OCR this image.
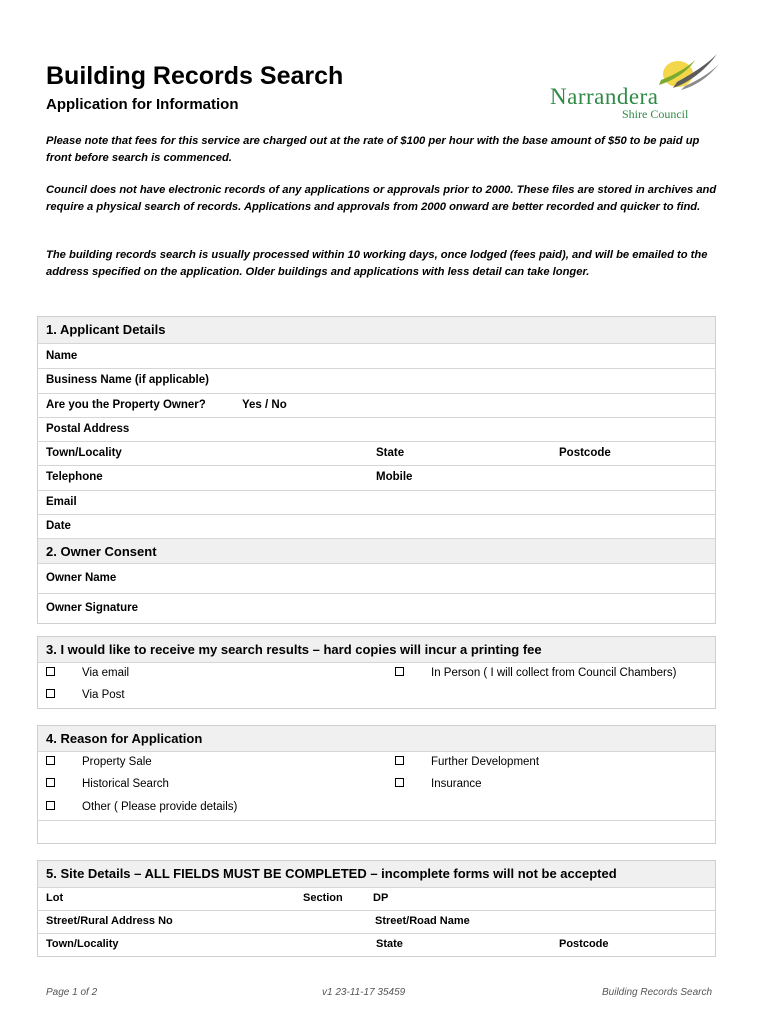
Building Records Search
Application for Information	Narrandera
Shire Council
Please note that fees for this service are charged out at the rate of $100 per hour with the base amount of $50 to be paid up front before search is commenced.
Council does not have electronic records of any applications or approvals prior to 2000. These files are stored in archives and require a physical search of records. Applications and approvals from 2000 onward are better recorded and quicker to find.
The building records search is usually processed within 10 working days, once lodged (fees paid), and will be emailed to the address specified on the application. Older buildings and applications with less detail can take longer.
1. Applicant Details
Name
Business Name (if applicable)
Are you the Property Owner?	Yes / No
Postal Address
Town/Locality	State	Postcode
Telephone	Mobile
Email
Date
2. Owner Consent
Owner Name
Owner Signature
3. I would like to receive my search results – hard copies will incur a printing fee
Via email	In Person ( I will collect from Council Chambers)
Via Post
4. Reason for Application
Property Sale	Further Development
Historical Search	Insurance
Other ( Please provide details)
5. Site Details – ALL FIELDS MUST BE COMPLETED – incomplete forms will not be accepted
Lot	Section	DP
Street/Rural Address No	Street/Road Name
Town/Locality	State	Postcode
Page 1 of 2	v1 23-11-17 35459	Building Records Search
